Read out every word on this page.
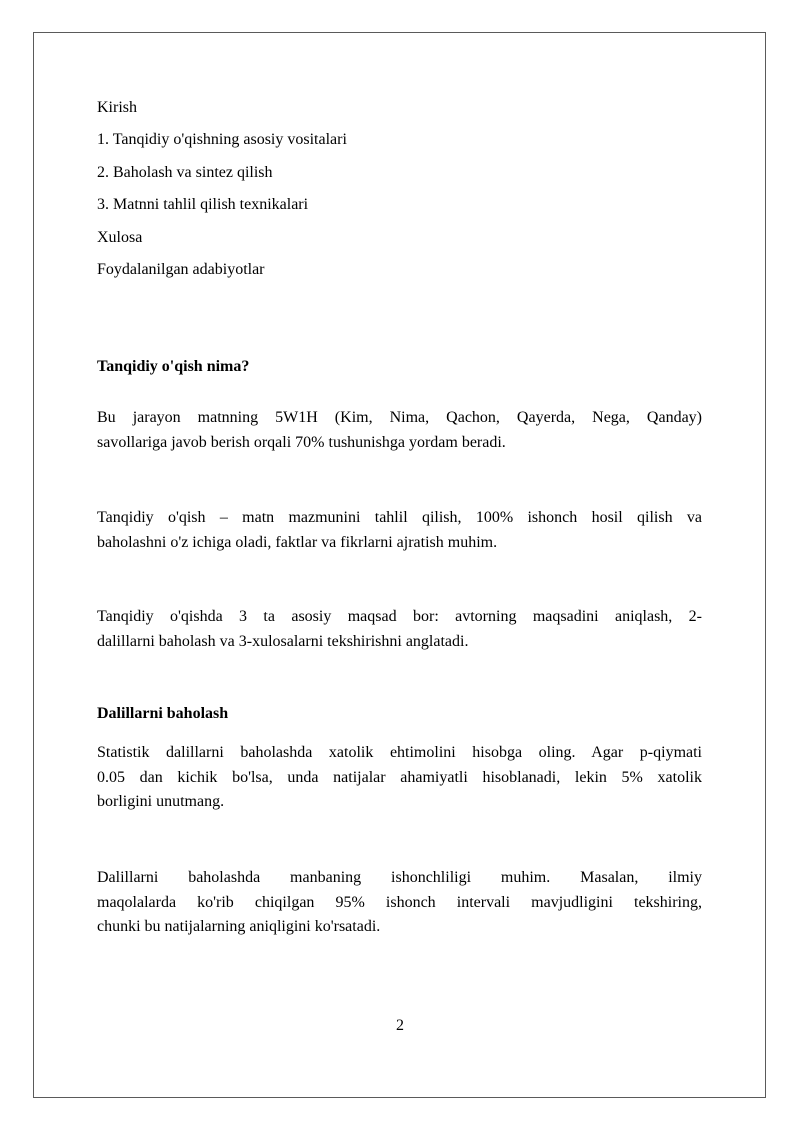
Kirish
1. Tanqidiy o'qishning asosiy vositalari
2. Baholash va sintez qilish
3. Matnni tahlil qilish texnikalari
Xulosa
Foydalanilgan adabiyotlar
Tanqidiy o'qish nima?
Bu jarayon matnning 5W1H (Kim, Nima, Qachon, Qayerda, Nega, Qanday)
savollariga javob berish orqali 70% tushunishga yordam beradi.
Tanqidiy o'qish – matn mazmunini tahlil qilish, 100% ishonch hosil qilish va
baholashni o'z ichiga oladi, faktlar va fikrlarni ajratish muhim.
Tanqidiy o'qishda 3 ta asosiy maqsad bor: avtorning maqsadini aniqlash, 2-
dalillarni baholash va 3-xulosalarni tekshirishni anglatadi.
Dalillarni baholash
Statistik dalillarni baholashda xatolik ehtimolini hisobga oling. Agar p-qiymati
0.05 dan kichik bo'lsa, unda natijalar ahamiyatli hisoblanadi, lekin 5% xatolik
borligini unutmang.
Dalillarni baholashda manbaning ishonchliligi muhim. Masalan, ilmiy
maqolalarda ko'rib chiqilgan 95% ishonch intervali mavjudligini tekshiring,
chunki bu natijalarning aniqligini ko'rsatadi.
2
